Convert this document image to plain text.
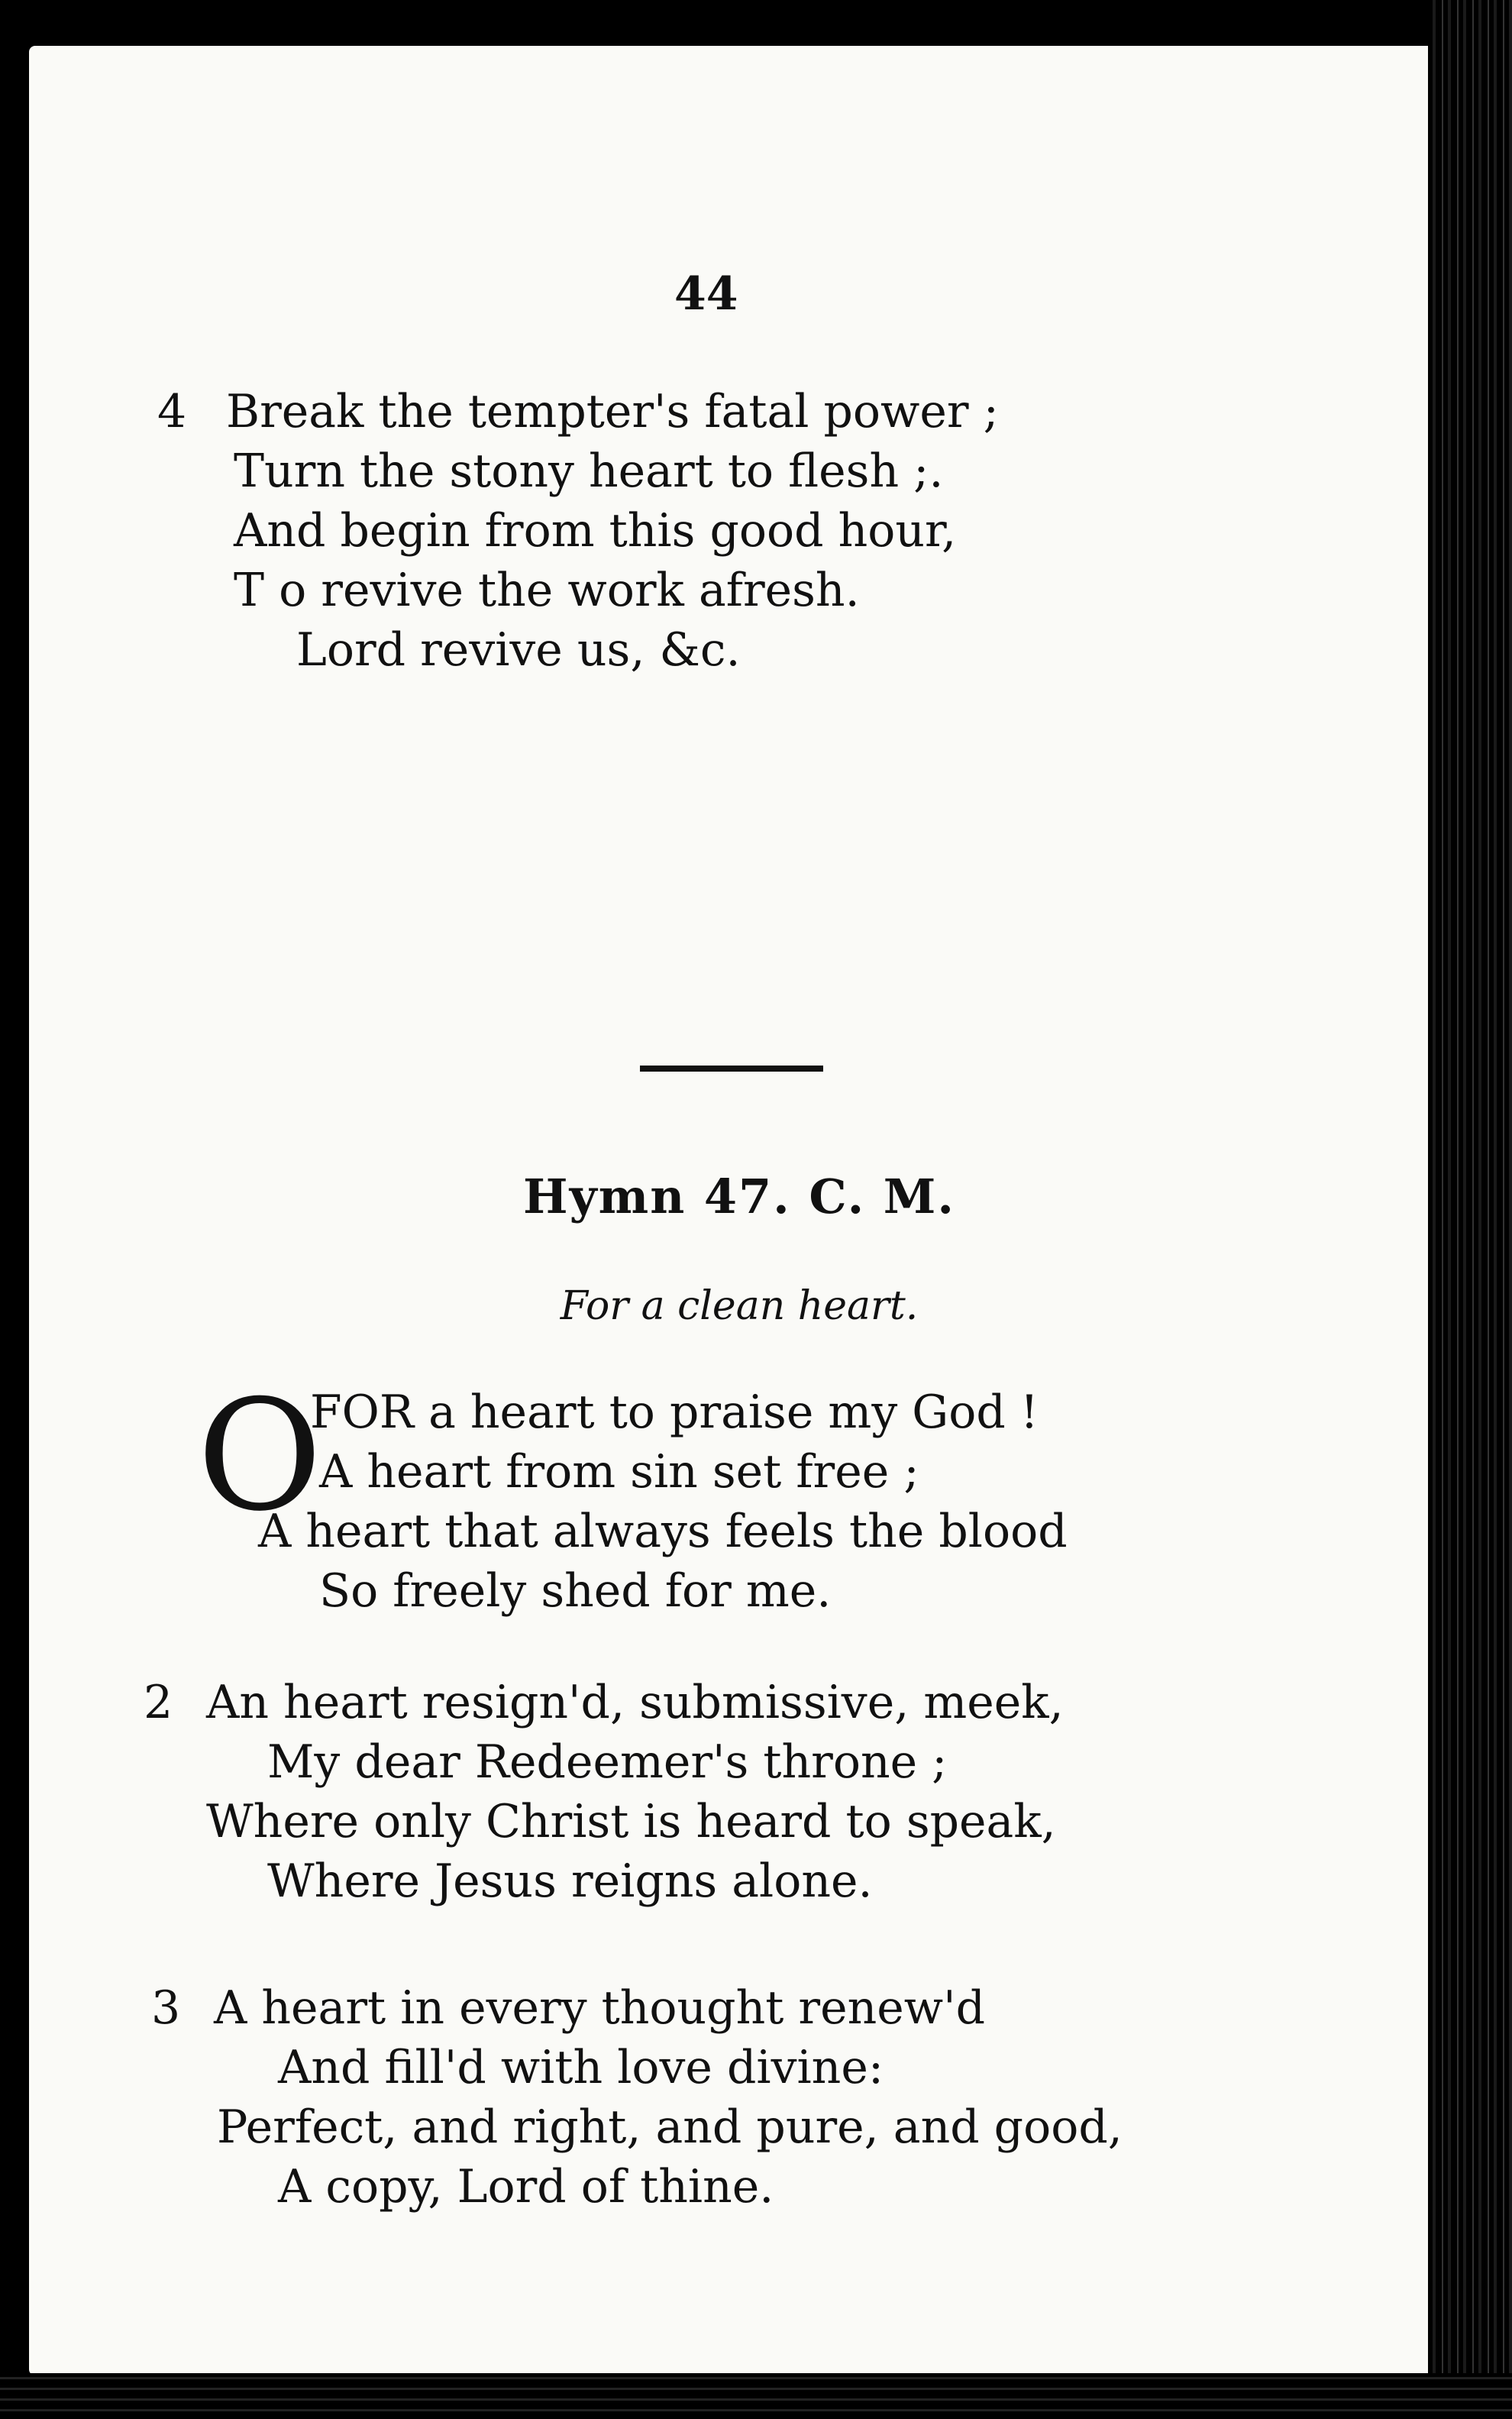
44
4 Break the tempter's fatal power ;
Turn the stony heart to flesh ;.
And begin from this good hour,
T o revive the work afresh.
Lord revive us, &c.
Hymn 47. C. M.
For a clean heart.
O
FOR a heart to praise my God !
A heart from sin set free ;
A heart that always feels the blood
So freely shed for me.
2 An heart resign'd, submissive, meek,
My dear Redeemer's throne ;
Where only Christ is heard to speak,
Where Jesus reigns alone.
3 A heart in every thought renew'd
And fill'd with love divine:
Perfect, and right, and pure, and good,
A copy, Lord of thine.
